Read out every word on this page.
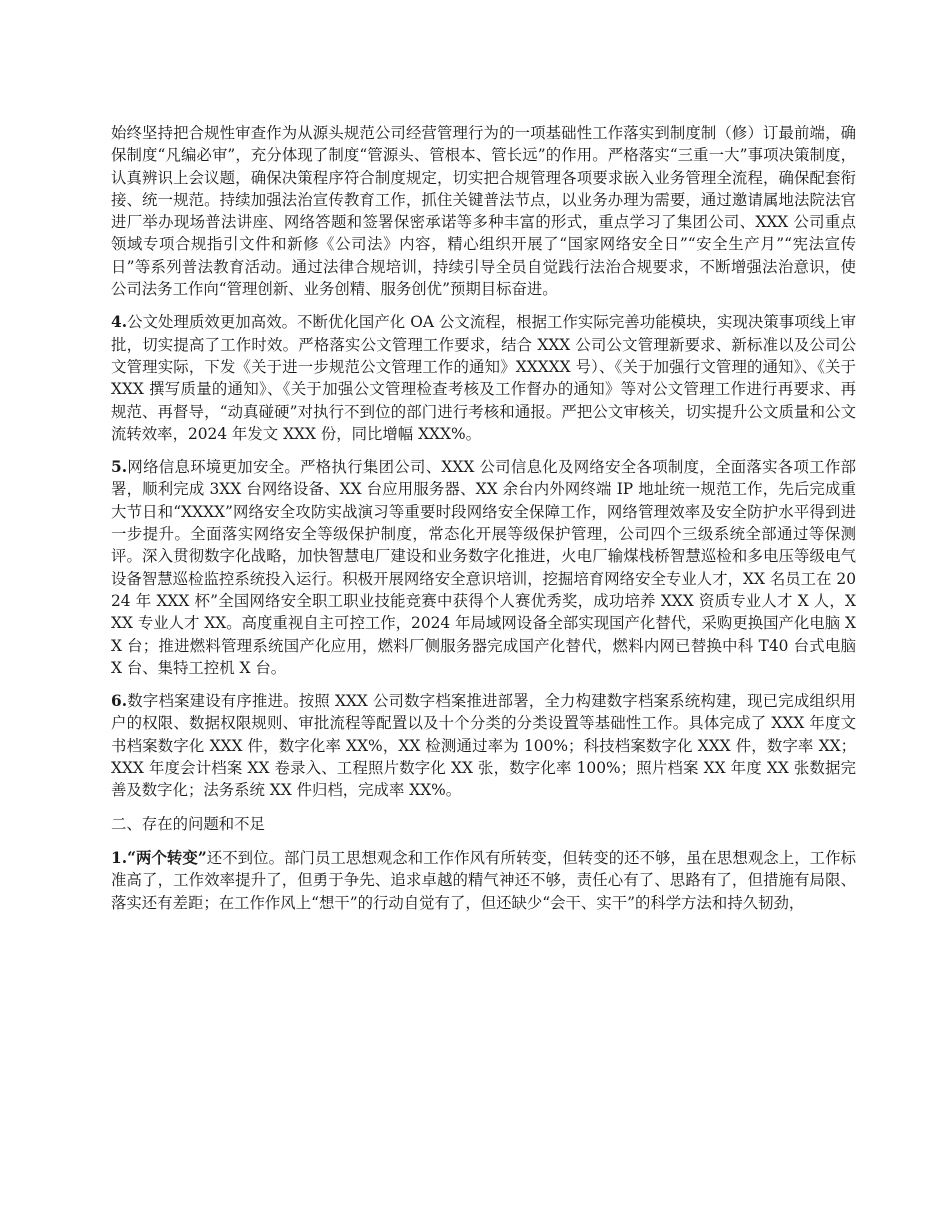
始终坚持把合规性审查作为从源头规范公司经营管理行为的一项基础性工作落实到制度制（修）订最前端，确保制度“凡编必审”，充分体现了制度“管源头、管根本、管长远”的作用。严格落实“三重一大”事项决策制度，认真辨识上会议题，确保决策程序符合制度规定，切实把合规管理各项要求嵌入业务管理全流程，确保配套衔接、统一规范。持续加强法治宣传教育工作，抓住关键普法节点，以业务办理为需要，通过邀请属地法院法官进厂举办现场普法讲座、网络答题和签署保密承诺等多种丰富的形式，重点学习了集团公司、XXX 公司重点领域专项合规指引文件和新修《公司法》内容，精心组织开展了“国家网络安全日”“安全生产月”“宪法宣传日”等系列普法教育活动。通过法律合规培训，持续引导全员自觉践行法治合规要求，不断增强法治意识，使公司法务工作向“管理创新、业务创精、服务创优”预期目标奋进。

4.公文处理质效更加高效。不断优化国产化 OA 公文流程，根据工作实际完善功能模块，实现决策事项线上审批，切实提高了工作时效。严格落实公文管理工作要求，结合 XXX 公司公文管理新要求、新标准以及公司公文管理实际，下发《关于进一步规范公文管理工作的通知》XXXXX 号）、《关于加强行文管理的通知》、《关于 XXX 撰写质量的通知》、《关于加强公文管理检查考核及工作督办的通知》等对公文管理工作进行再要求、再规范、再督导，“动真碰硬”对执行不到位的部门进行考核和通报。严把公文审核关，切实提升公文质量和公文流转效率，2024 年发文 XXX 份，同比增幅 XXX%。

5.网络信息环境更加安全。严格执行集团公司、XXX 公司信息化及网络安全各项制度，全面落实各项工作部署，顺利完成 3XX 台网络设备、XX 台应用服务器、XX 余台内外网终端 IP 地址统一规范工作，先后完成重大节日和“XXXX”网络安全攻防实战演习等重要时段网络安全保障工作，网络管理效率及安全防护水平得到进一步提升。全面落实网络安全等级保护制度，常态化开展等级保护管理，公司四个三级系统全部通过等保测评。深入贯彻数字化战略，加快智慧电厂建设和业务数字化推进，火电厂输煤栈桥智慧巡检和多电压等级电气设备智慧巡检监控系统投入运行。积极开展网络安全意识培训，挖掘培育网络安全专业人才，XX 名员工在 2024 年 XXX 杯”全国网络安全职工职业技能竞赛中获得个人赛优秀奖，成功培养 XXX 资质专业人才 X 人，XXX 专业人才 XX。高度重视自主可控工作，2024 年局域网设备全部实现国产化替代，采购更换国产化电脑 XX 台；推进燃料管理系统国产化应用，燃料厂侧服务器完成国产化替代，燃料内网已替换中科 T40 台式电脑 X 台、集特工控机 X 台。

6.数字档案建设有序推进。按照 XXX 公司数字档案推进部署，全力构建数字档案系统构建，现已完成组织用户的权限、数据权限规则、审批流程等配置以及十个分类的分类设置等基础性工作。具体完成了 XXX 年度文书档案数字化 XXX 件，数字化率 XX%，XX 检测通过率为 100%；科技档案数字化 XXX 件，数字率 XX；XXX 年度会计档案 XX 卷录入、工程照片数字化 XX 张，数字化率 100%；照片档案 XX 年度 XX 张数据完善及数字化；法务系统 XX 件归档，完成率 XX%。

二、存在的问题和不足

1.“两个转变”还不到位。部门员工思想观念和工作作风有所转变，但转变的还不够，虽在思想观念上，工作标准高了，工作效率提升了，但勇于争先、追求卓越的精气神还不够，责任心有了、思路有了，但措施有局限、落实还有差距；在工作作风上“想干”的行动自觉有了，但还缺少“会干、实干”的科学方法和持久韧劲，
